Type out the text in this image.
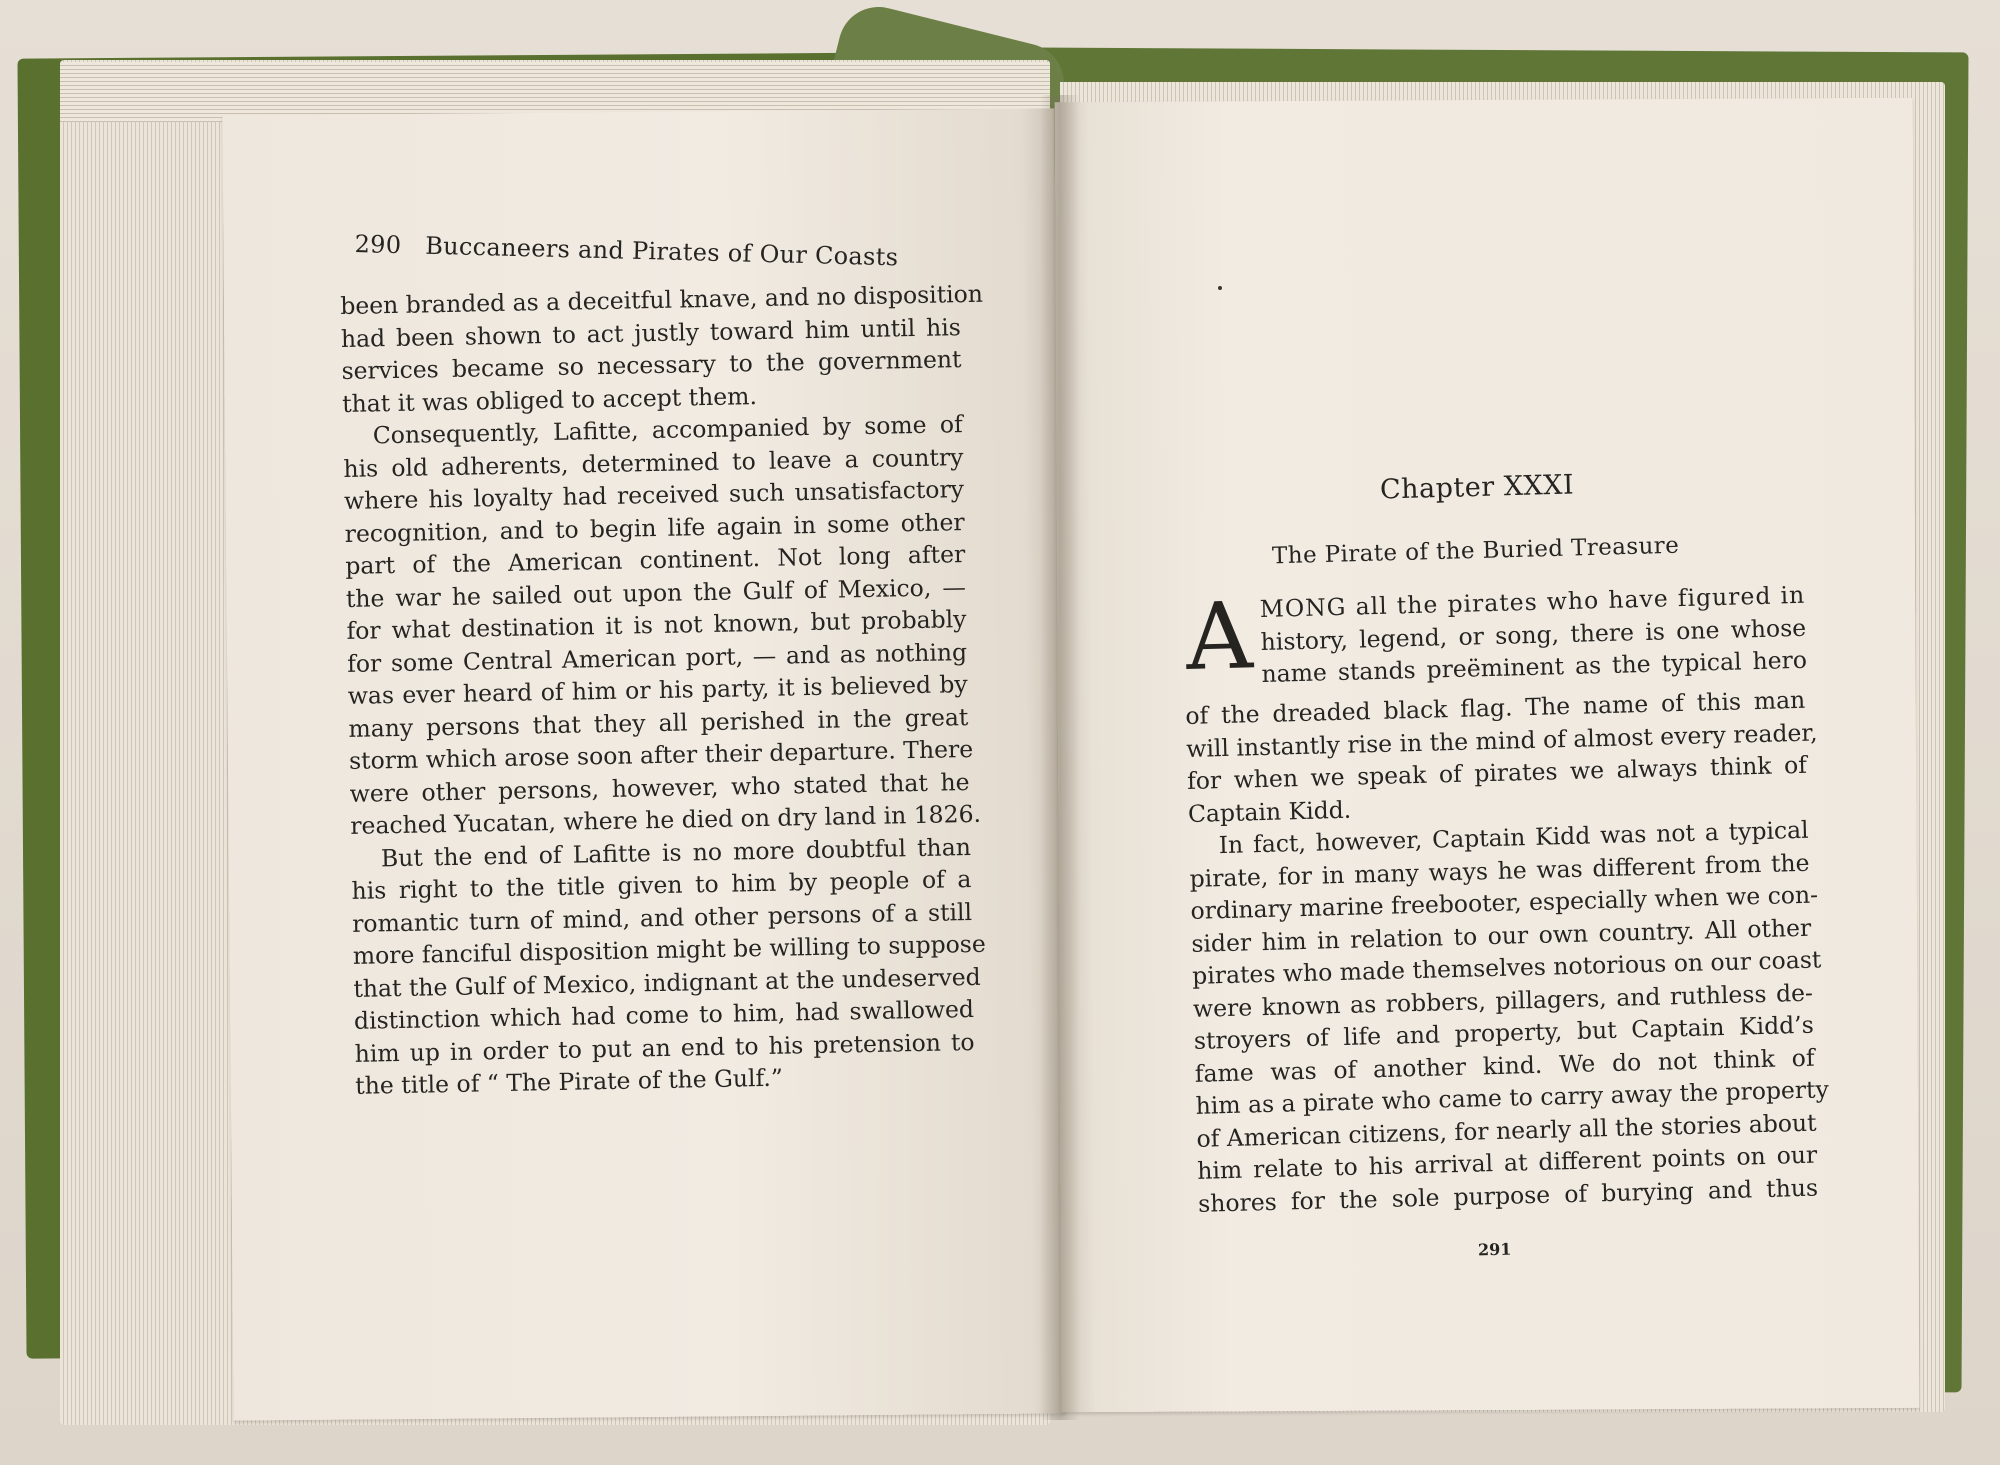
290 Buccaneers and Pirates of Our Coasts
been branded as a deceitful knave, and no disposition
had been shown to act justly toward him until his
services became so necessary to the government
that it was obliged to accept them.
Consequently, Lafitte, accompanied by some of
his old adherents, determined to leave a country
where his loyalty had received such unsatisfactory
recognition, and to begin life again in some other
part of the American continent. Not long after
the war he sailed out upon the Gulf of Mexico, —
for what destination it is not known, but probably
for some Central American port, — and as nothing
was ever heard of him or his party, it is believed by
many persons that they all perished in the great
storm which arose soon after their departure. There
were other persons, however, who stated that he
reached Yucatan, where he died on dry land in 1826.
But the end of Lafitte is no more doubtful than
his right to the title given to him by people of a
romantic turn of mind, and other persons of a still
more fanciful disposition might be willing to suppose
that the Gulf of Mexico, indignant at the undeserved
distinction which had come to him, had swallowed
him up in order to put an end to his pretension to
the title of “ The Pirate of the Gulf.”
Chapter XXXI
The Pirate of the Buried Treasure
A MONG all the pirates who have figured in
history, legend, or song, there is one whose
name stands preëminent as the typical hero
of the dreaded black flag. The name of this man
will instantly rise in the mind of almost every reader,
for when we speak of pirates we always think of
Captain Kidd.
In fact, however, Captain Kidd was not a typical
pirate, for in many ways he was different from the
ordinary marine freebooter, especially when we con-
sider him in relation to our own country. All other
pirates who made themselves notorious on our coast
were known as robbers, pillagers, and ruthless de-
stroyers of life and property, but Captain Kidd’s
fame was of another kind. We do not think of
him as a pirate who came to carry away the property
of American citizens, for nearly all the stories about
him relate to his arrival at different points on our
shores for the sole purpose of burying and thus
291
